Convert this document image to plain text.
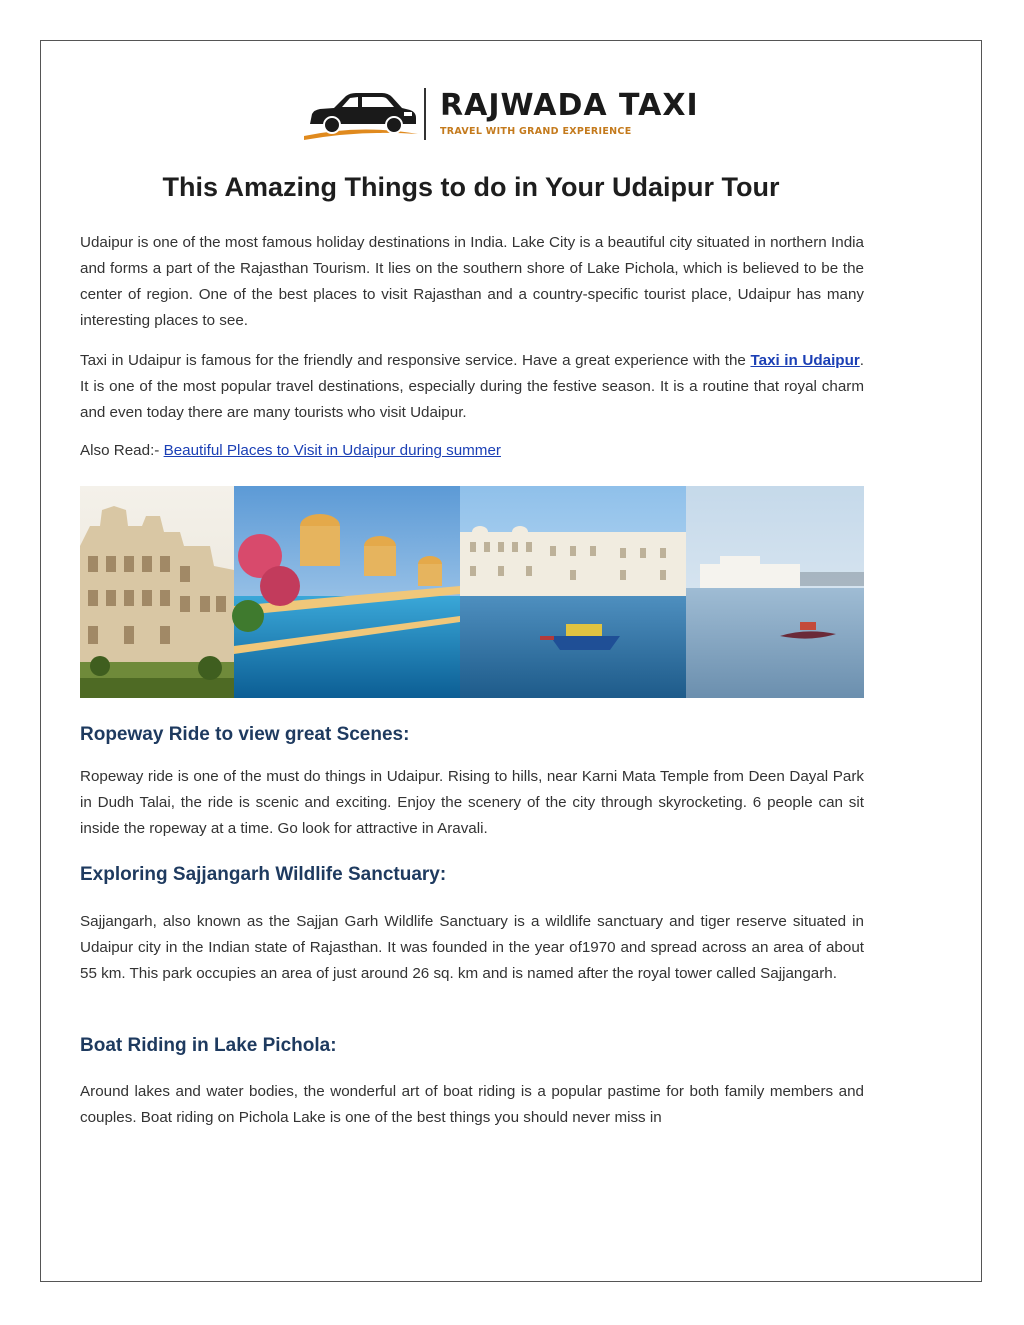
RAJWADA TAXI
TRAVEL WITH GRAND EXPERIENCE
This Amazing Things to do in Your Udaipur Tour

Udaipur is one of the most famous holiday destinations in India. Lake City is a beautiful city situated in northern India and forms a part of the Rajasthan Tourism. It lies on the southern shore of Lake Pichola, which is believed to be the center of region. One of the best places to visit Rajasthan and a country-specific tourist place, Udaipur has many interesting places to see.

Taxi in Udaipur is famous for the friendly and responsive service. Have a great experience with the Taxi in Udaipur. It is one of the most popular travel destinations, especially during the festive season. It is a routine that royal charm and even today there are many tourists who visit Udaipur.

Also Read:- Beautiful Places to Visit in Udaipur during summer

Ropeway Ride to view great Scenes:

Ropeway ride is one of the must do things in Udaipur. Rising to hills, near Karni Mata Temple from Deen Dayal Park in Dudh Talai, the ride is scenic and exciting. Enjoy the scenery of the city through skyrocketing. 6 people can sit inside the ropeway at a time. Go look for attractive in Aravali.

Exploring Sajjangarh Wildlife Sanctuary:

Sajjangarh, also known as the Sajjan Garh Wildlife Sanctuary is a wildlife sanctuary and tiger reserve situated in Udaipur city in the Indian state of Rajasthan. It was founded in the year of1970 and spread across an area of about 55 km. This park occupies an area of just around 26 sq. km and is named after the royal tower called Sajjangarh.

Boat Riding in Lake Pichola:

Around lakes and water bodies, the wonderful art of boat riding is a popular pastime for both family members and couples. Boat riding on Pichola Lake is one of the best things you should never miss in
